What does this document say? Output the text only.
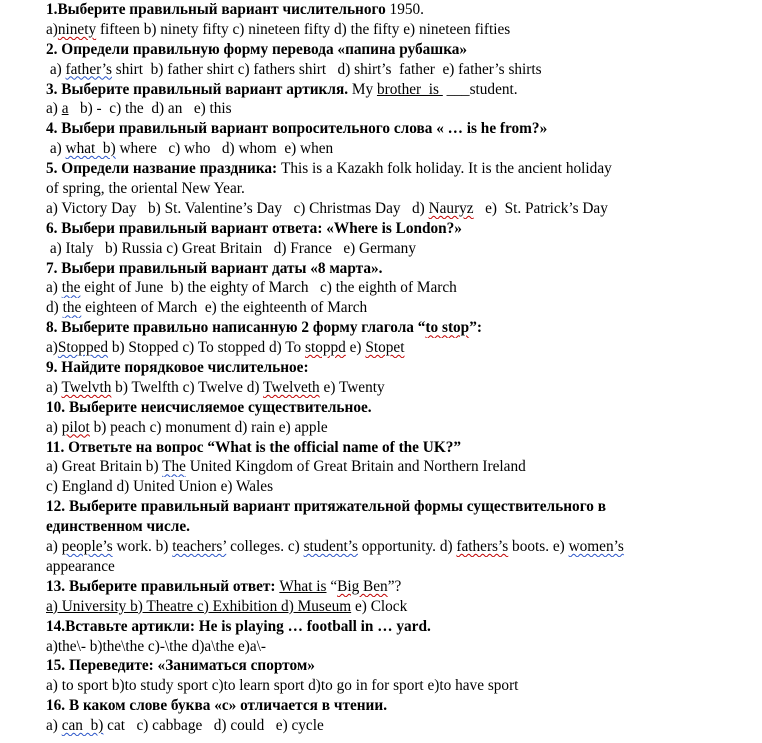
1.Выберите правильный вариант числительного 1950.
a)ninety fifteen b) ninety fifty c) nineteen fifty d) the fifty e) nineteen fifties
2. Определи правильную форму перевода «папина рубашка»
a) father’s shirt  b) father shirt c) fathers shirt   d) shirt’s  father  e) father’s shirts
3. Выберите правильный вариант артикля. My brother  is  ___student.
a) a   b) -  c) the  d) an   e) this
4. Выбери правильный вариант вопросительного слова « … is he from?»
a) what  b) where   c) who   d) whom  e) when
5. Определи название праздника: This is a Kazakh folk holiday. It is the ancient holiday
of spring, the oriental New Year.
a) Victory Day   b) St. Valentine’s Day   c) Christmas Day   d) Nauryz   e)  St. Patrick’s Day
6. Выбери правильный вариант ответа: «Where is London?»
a) Italy   b) Russia c) Great Britain   d) France   e) Germany
7. Выбери правильный вариант даты «8 марта».
a) the eight of June  b) the eighty of March   c) the eighth of March
d) the eighteen of March  e) the eighteenth of March
8. Выберите правильно написанную 2 форму глагола “to stop”:
a)Stopped b) Stopped c) To stopped d) To stoppd e) Stopet
9. Найдите порядковое числительное:
a) Twelvth b) Twelfth c) Twelve d) Twelveth e) Twenty
10. Выберите неисчисляемое существительное.
a) pilot b) peach c) monument d) rain e) apple
11. Ответьте на вопрос “What is the official name of the UK?”
a) Great Britain b) The United Kingdom of Great Britain and Northern Ireland
c) England d) United Union e) Wales
12. Выберите правильный вариант притяжательной формы существительного в
единственном числе.
a) people’s work. b) teachers’ colleges. c) student’s opportunity. d) fathers’s boots. e) women’s
appearance
13. Выберите правильный ответ: What is “Big Ben”?
a) University b) Theatre c) Exhibition d) Museum e) Clock
14.Вставьте артикли: He is playing … football in … yard.
a)the\- b)the\the c)-\the d)a\the e)a\-
15. Переведите: «Заниматься спортом»
a) to sport b)to study sport c)to learn sport d)to go in for sport e)to have sport
16. В каком слове буква «с» отличается в чтении.
a) can  b) cat   c) cabbage   d) could   e) cycle
